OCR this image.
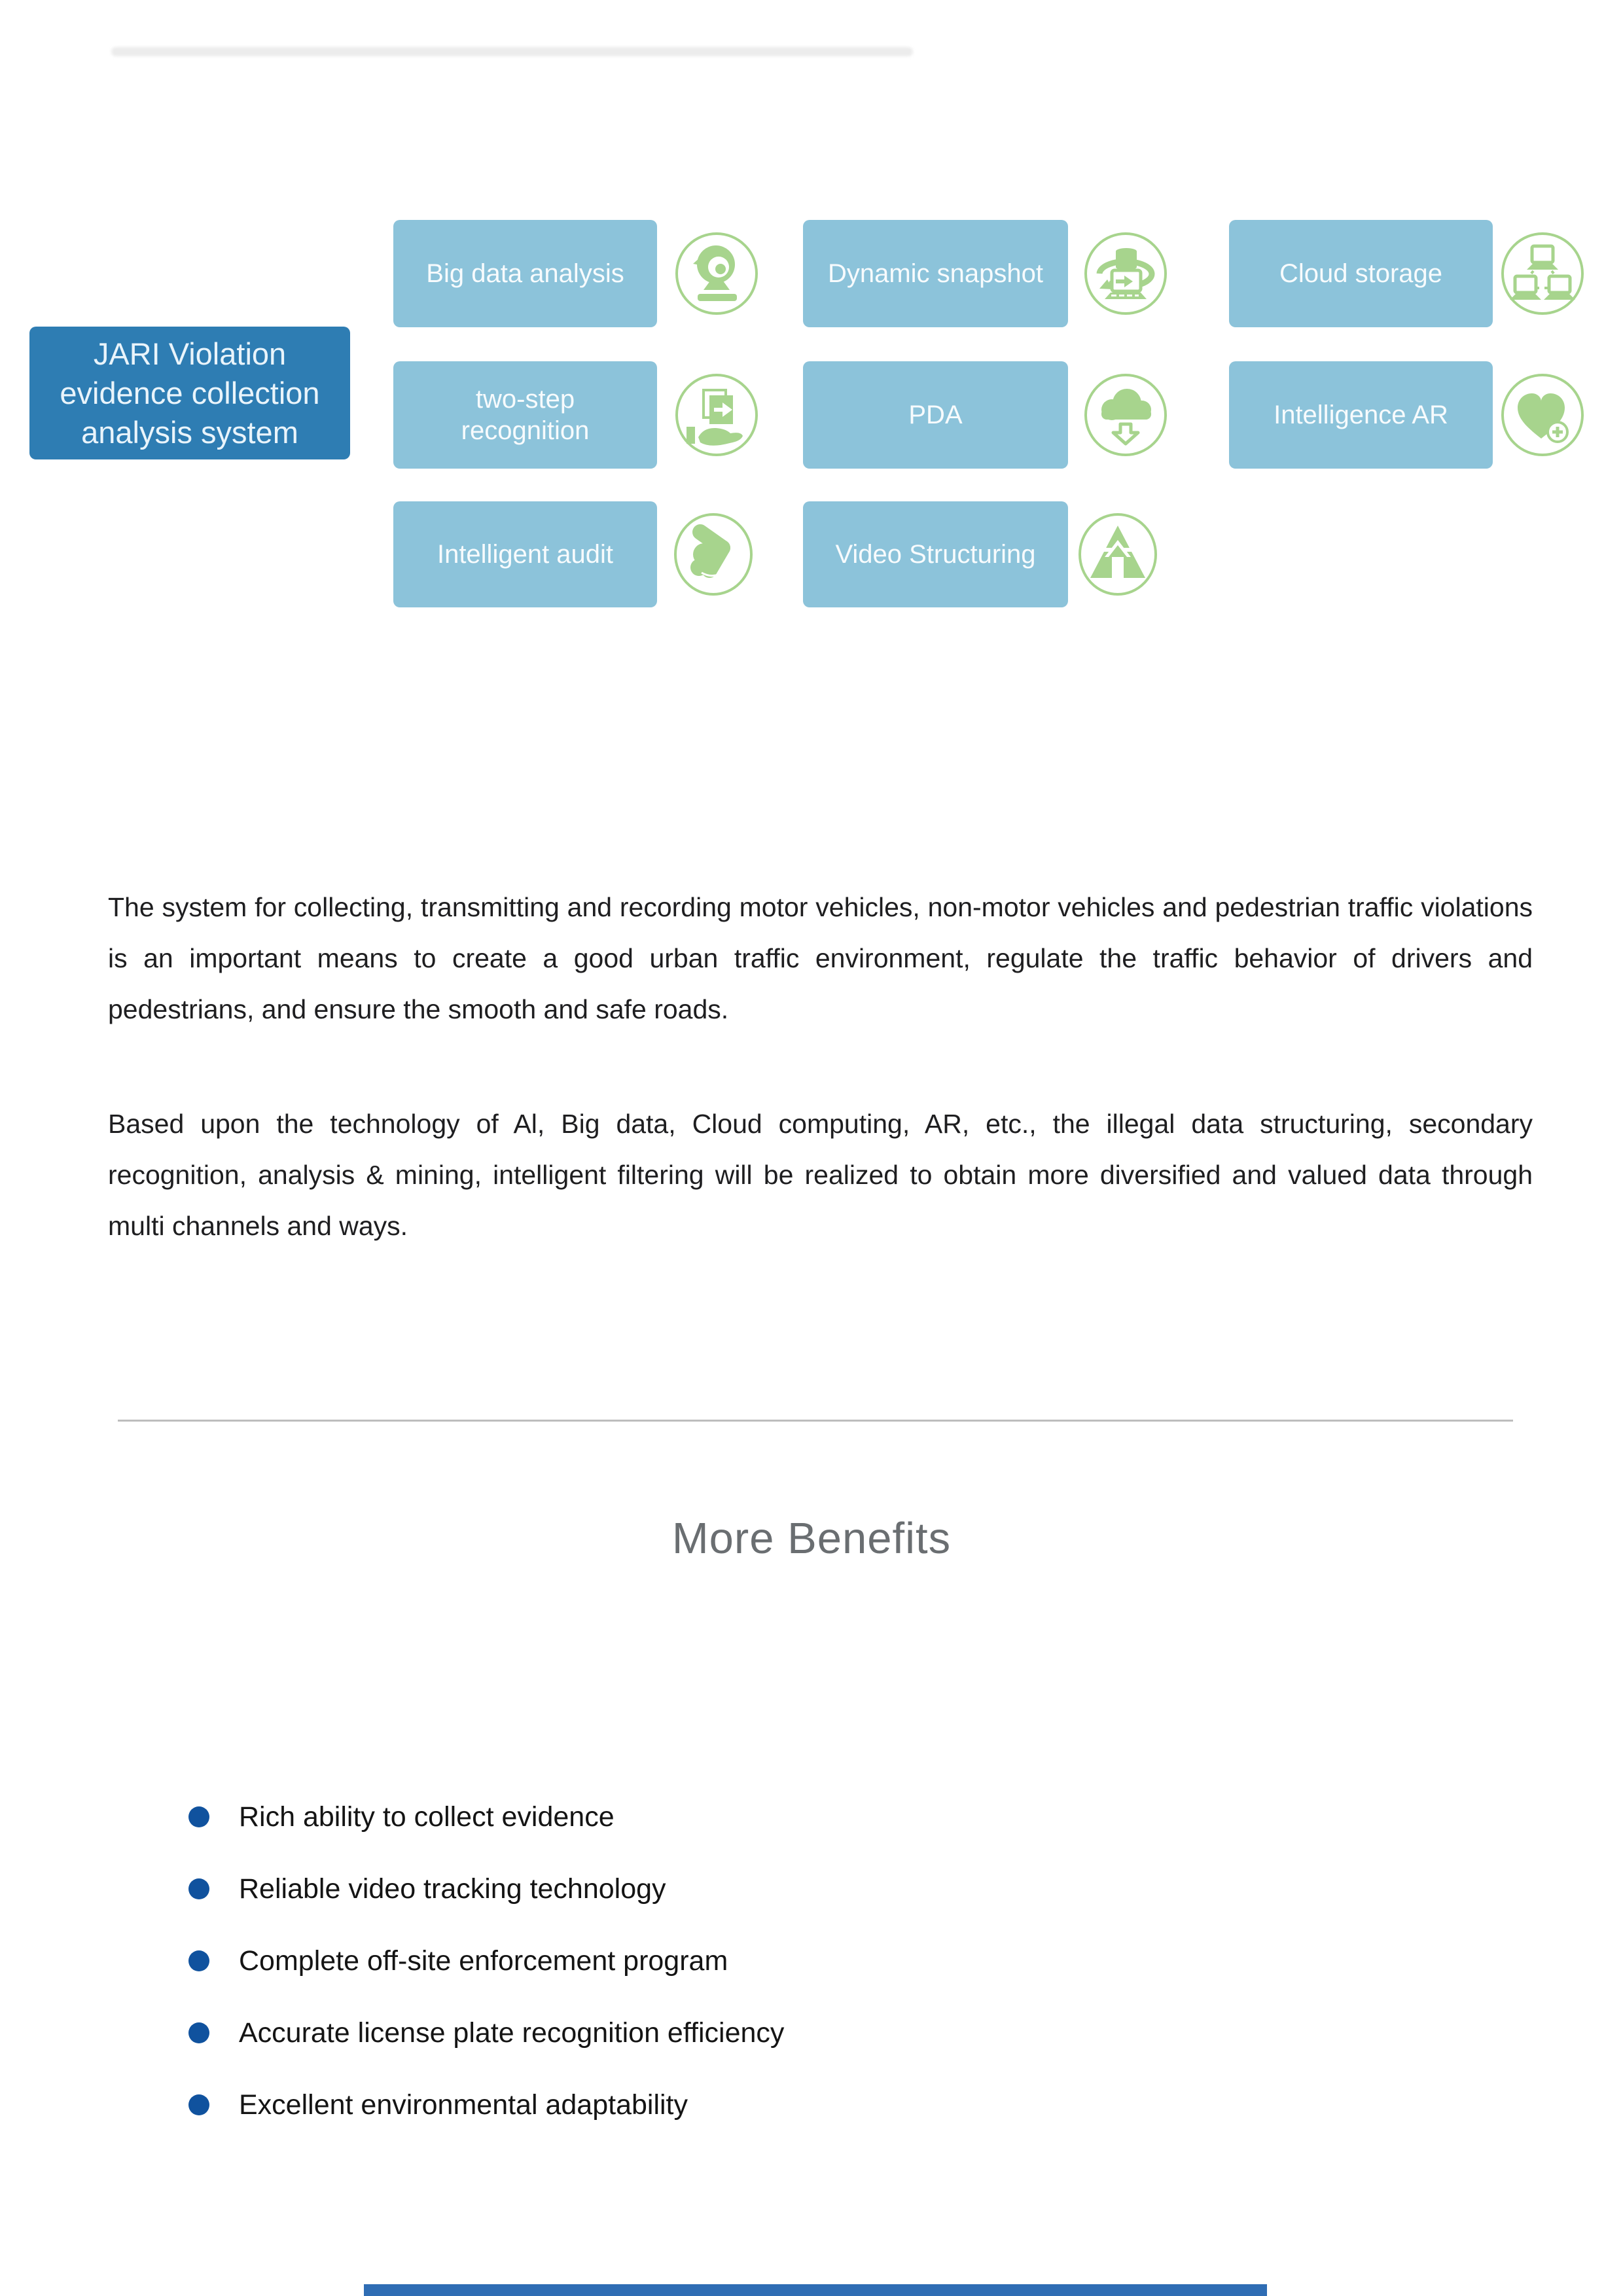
JARI Violation
evidence collection
analysis system
Big data analysis	Dynamic snapshot	Cloud storage
two-step recognition
PDA	Intelligence AR
Intelligent audit	Video Structuring
The system for collecting, transmitting and recording motor vehicles, non-motor vehicles and pedestrian traffic violations is an important means to create a good urban traffic environment, regulate the traffic behavior of drivers and pedestrians, and ensure the smooth and safe roads.
Based upon the technology of Al, Big data, Cloud computing, AR, etc., the illegal data structuring, secondary recognition, analysis & mining, intelligent filtering will be realized to obtain more diversified and valued data through multi channels and ways.
More Benefits
Rich ability to collect evidence
Reliable video tracking technology
Complete off-site enforcement program
Accurate license plate recognition efficiency
Excellent environmental adaptability
